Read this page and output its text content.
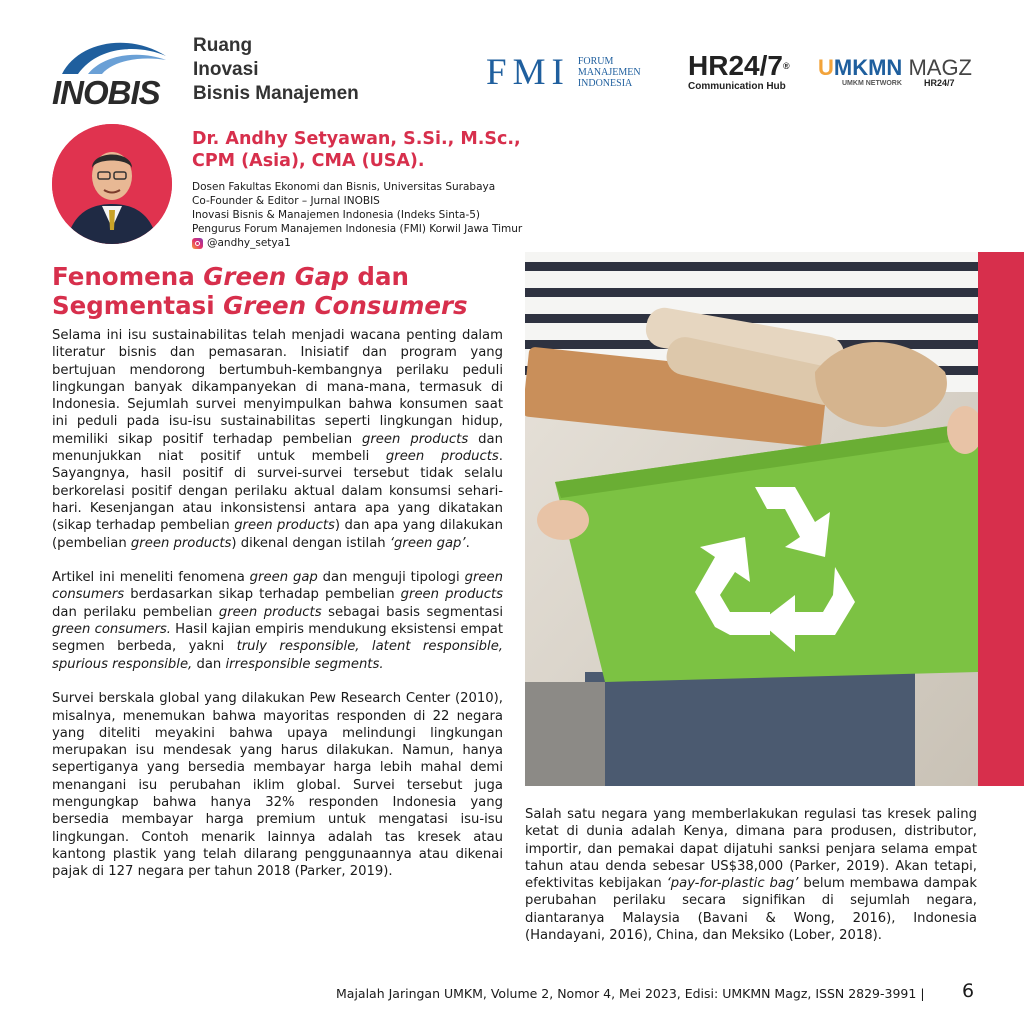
INOBIS
Ruang
Inovasi
Bisnis Manajemen
FMI FORUM
MANAJEMEN
INDONESIA
HR24/7®
Communication Hub
UMKMN MAGZ
UMKM NETWORK HR24/7
Dr. Andhy Setyawan, S.Si., M.Sc.,
CPM (Asia), CMA (USA).
Dosen Fakultas Ekonomi dan Bisnis, Universitas Surabaya
Co-Founder & Editor – Jurnal INOBIS
Inovasi Bisnis & Manajemen Indonesia (Indeks Sinta-5)
Pengurus Forum Manajemen Indonesia (FMI) Korwil Jawa Timur
@andhy_setya1
Fenomena Green Gap dan
Segmentasi Green Consumers

Selama ini isu sustainabilitas telah menjadi wacana penting dalam literatur bisnis dan pemasaran. Inisiatif dan program yang bertujuan mendorong bertumbuh-kembangnya perilaku peduli lingkungan banyak dikampanyekan di mana-mana, termasuk di Indonesia. Sejumlah survei menyimpulkan bahwa konsumen saat ini peduli pada isu-isu sustainabilitas seperti lingkungan hidup, memiliki sikap positif terhadap pembelian green products dan menunjukkan niat positif untuk membeli green products. Sayangnya, hasil positif di survei-survei tersebut tidak selalu berkorelasi positif dengan perilaku aktual dalam konsumsi sehari-hari. Kesenjangan atau inkonsistensi antara apa yang dikatakan (sikap terhadap pembelian green products) dan apa yang dilakukan (pembelian green products) dikenal dengan istilah ‘green gap’.

Artikel ini meneliti fenomena green gap dan menguji tipologi green consumers berdasarkan sikap terhadap pembelian green products dan perilaku pembelian green products sebagai basis segmentasi green consumers. Hasil kajian empiris mendukung eksistensi empat segmen berbeda, yakni truly responsible, latent responsible, spurious responsible, dan irresponsible segments.

Survei berskala global yang dilakukan Pew Research Center (2010), misalnya, menemukan bahwa mayoritas responden di 22 negara yang diteliti meyakini bahwa upaya melindungi lingkungan merupakan isu mendesak yang harus dilakukan. Namun, hanya sepertiganya yang bersedia membayar harga lebih mahal demi menangani isu perubahan iklim global. Survei tersebut juga mengungkap bahwa hanya 32% responden Indonesia yang bersedia membayar harga premium untuk mengatasi isu-isu lingkungan. Contoh menarik lainnya adalah tas kresek atau kantong plastik yang telah dilarang penggunaannya atau dikenai pajak di 127 negara per tahun 2018 (Parker, 2019).

Salah satu negara yang memberlakukan regulasi tas kresek paling ketat di dunia adalah Kenya, dimana para produsen, distributor, importir, dan pemakai dapat dijatuhi sanksi penjara selama empat tahun atau denda sebesar US$38,000 (Parker, 2019). Akan tetapi, efektivitas kebijakan ‘pay-for-plastic bag’ belum membawa dampak perubahan perilaku secara signifikan di sejumlah negara, diantaranya Malaysia (Bavani & Wong, 2016), Indonesia (Handayani, 2016), China, dan Meksiko (Lober, 2018).

Majalah Jaringan UMKM, Volume 2, Nomor 4, Mei 2023, Edisi: UMKMN Magz, ISSN 2829-3991 | 6
